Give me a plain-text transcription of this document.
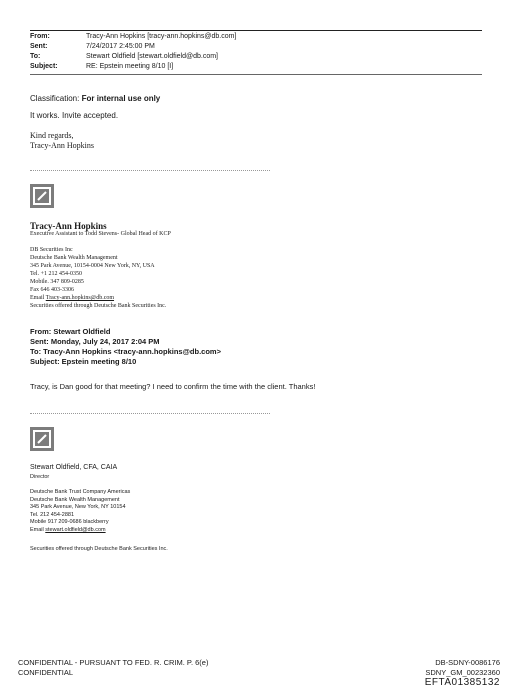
From:	Tracy-Ann Hopkins [tracy-ann.hopkins@db.com]
Sent:	7/24/2017 2:45:00 PM
To:	Stewart Oldfield [stewart.oldfield@db.com]
Subject:	RE: Epstein meeting 8/10 [I]
Classification: For internal use only
It works. Invite accepted.
Kind regards,
Tracy-Ann Hopkins
Tracy-Ann Hopkins
Executive Assistant to Todd Stevens- Global Head of KCP
DB Securities Inc
Deutsche Bank Wealth Management
345 Park Avenue, 10154-0004 New York, NY, USA
Tel. +1 212 454-0350
Mobile. 347 809-0285
Fax 646 403-3306
Email Tracy-ann.hopkins@db.com
Securities offered through Deutsche Bank Securities Inc.
From: Stewart Oldfield
Sent: Monday, July 24, 2017 2:04 PM
To: Tracy-Ann Hopkins <tracy-ann.hopkins@db.com>
Subject: Epstein meeting 8/10
Tracy, is Dan good for that meeting? I need to confirm the time with the client. Thanks!
Stewart Oldfield, CFA, CAIA
Director
Deutsche Bank Trust Company Americas
Deutsche Bank Wealth Management
345 Park Avenue, New York, NY 10154
Tel. 212 454-2881
Mobile 917 209-0686 blackberry
Email stewart.oldfield@db.com
Securities offered through Deutsche Bank Securities Inc.
CONFIDENTIAL - PURSUANT TO FED. R. CRIM. P. 6(e)
CONFIDENTIAL
DB-SDNY-0086176
SDNY_GM_00232360
EFTA01385132
